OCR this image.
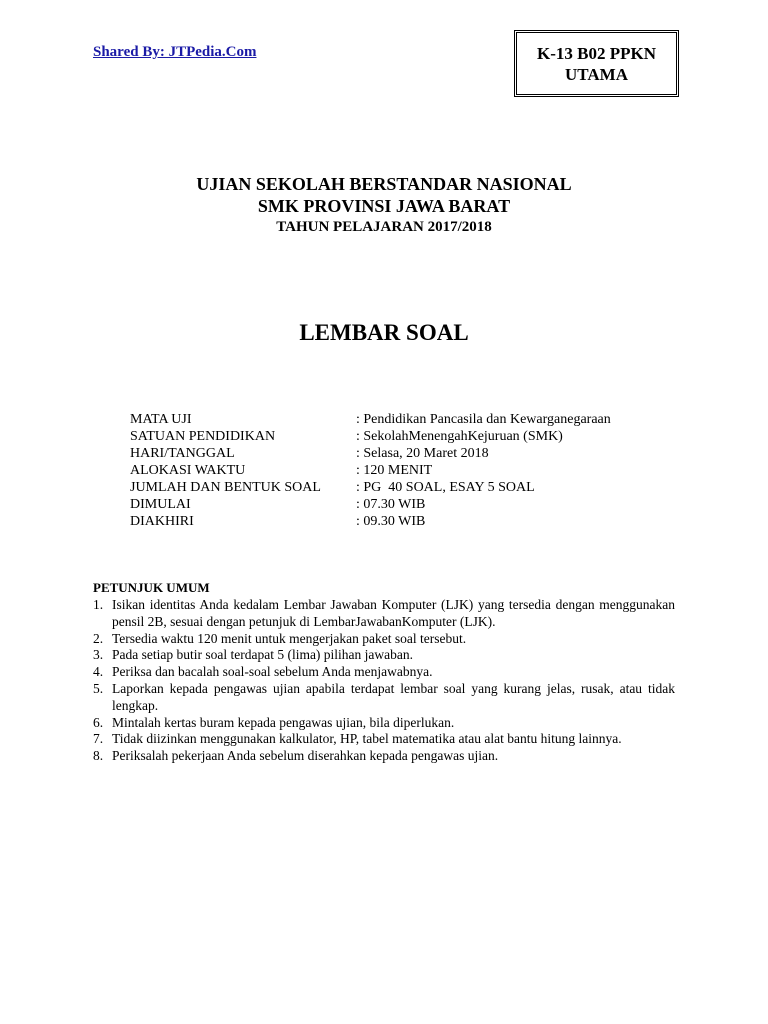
Shared By: JTPedia.Com	K-13 B02 PPKN
UTAMA
UJIAN SEKOLAH BERSTANDAR NASIONAL
SMK PROVINSI JAWA BARAT
TAHUN PELAJARAN 2017/2018
LEMBAR SOAL
MATA UJI	: Pendidikan Pancasila dan Kewarganegaraan
SATUAN PENDIDIKAN	: SekolahMenengahKejuruan (SMK)
HARI/TANGGAL	: Selasa, 20 Maret 2018
ALOKASI WAKTU	: 120 MENIT
JUMLAH DAN BENTUK SOAL	: PG  40 SOAL, ESAY 5 SOAL
DIMULAI	: 07.30 WIB
DIAKHIRI	: 09.30 WIB
PETUNJUK UMUM
1. Isikan identitas Anda kedalam Lembar Jawaban Komputer (LJK) yang tersedia dengan menggunakan pensil 2B, sesuai dengan petunjuk di LembarJawabanKomputer (LJK).
2. Tersedia waktu 120 menit untuk mengerjakan paket soal tersebut.
3. Pada setiap butir soal terdapat 5 (lima) pilihan jawaban.
4. Periksa dan bacalah soal-soal sebelum Anda menjawabnya.
5. Laporkan kepada pengawas ujian apabila terdapat lembar soal yang kurang jelas, rusak, atau tidak lengkap.
6. Mintalah kertas buram kepada pengawas ujian, bila diperlukan.
7. Tidak diizinkan menggunakan kalkulator, HP, tabel matematika atau alat bantu hitung lainnya.
8. Periksalah pekerjaan Anda sebelum diserahkan kepada pengawas ujian.
